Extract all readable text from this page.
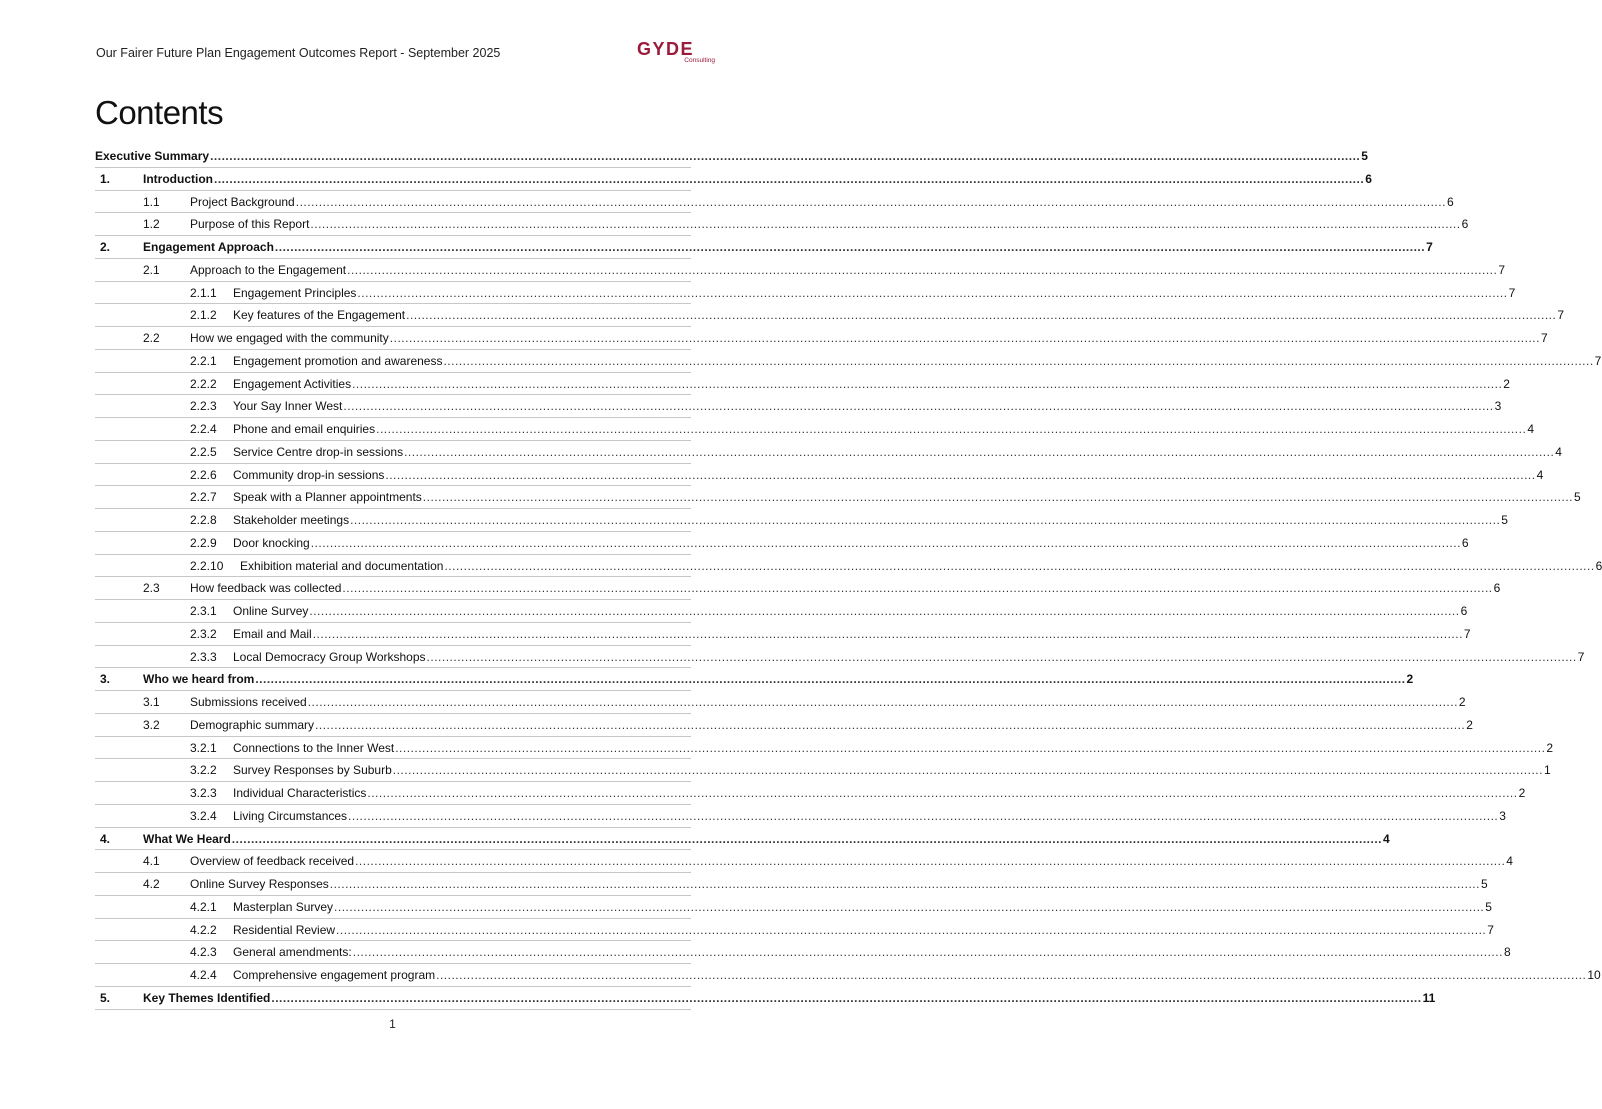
Our Fairer Future Plan Engagement Outcomes Report - September 2025	GYDE
Consulting
Contents
Executive Summary ............................................................................................................................................................................................................................................................................................................ 5
1.	Introduction ............................................................................................................................................................................................................................................................................................................ 6
1.1	Project Background ............................................................................................................................................................................................................................................................................................................ 6
1.2	Purpose of this Report ............................................................................................................................................................................................................................................................................................................ 6
2.	Engagement Approach ............................................................................................................................................................................................................................................................................................................ 7
2.1	Approach to the Engagement ............................................................................................................................................................................................................................................................................................................ 7
2.1.1 Engagement Principles ............................................................................................................................................................................................................................................................................................................ 7
2.1.2 Key features of the Engagement ............................................................................................................................................................................................................................................................................................................ 7
2.2	How we engaged with the community ............................................................................................................................................................................................................................................................................................................ 7
2.2.1 Engagement promotion and awareness ............................................................................................................................................................................................................................................................................................................ 7
2.2.2 Engagement Activities ............................................................................................................................................................................................................................................................................................................ 2
2.2.3 Your Say Inner West ............................................................................................................................................................................................................................................................................................................ 3
2.2.4 Phone and email enquiries ............................................................................................................................................................................................................................................................................................................ 4
2.2.5 Service Centre drop-in sessions ............................................................................................................................................................................................................................................................................................................ 4
2.2.6 Community drop-in sessions ............................................................................................................................................................................................................................................................................................................ 4
2.2.7 Speak with a Planner appointments ............................................................................................................................................................................................................................................................................................................ 5
2.2.8 Stakeholder meetings ............................................................................................................................................................................................................................................................................................................ 5
2.2.9 Door knocking ............................................................................................................................................................................................................................................................................................................ 6
2.2.10 Exhibition material and documentation ............................................................................................................................................................................................................................................................................................................ 6
2.3	How feedback was collected ............................................................................................................................................................................................................................................................................................................ 6
2.3.1 Online Survey ............................................................................................................................................................................................................................................................................................................ 6
2.3.2 Email and Mail ............................................................................................................................................................................................................................................................................................................ 7
2.3.3 Local Democracy Group Workshops ............................................................................................................................................................................................................................................................................................................ 7
3.	Who we heard from ............................................................................................................................................................................................................................................................................................................ 2
3.1	Submissions received ............................................................................................................................................................................................................................................................................................................ 2
3.2	Demographic summary ............................................................................................................................................................................................................................................................................................................ 2
3.2.1 Connections to the Inner West ............................................................................................................................................................................................................................................................................................................ 2
3.2.2 Survey Responses by Suburb ............................................................................................................................................................................................................................................................................................................ 1
3.2.3 Individual Characteristics ............................................................................................................................................................................................................................................................................................................ 2
3.2.4 Living Circumstances ............................................................................................................................................................................................................................................................................................................ 3
4.	What We Heard ............................................................................................................................................................................................................................................................................................................ 4
4.1	Overview of feedback received ............................................................................................................................................................................................................................................................................................................ 4
4.2	Online Survey Responses ............................................................................................................................................................................................................................................................................................................ 5
4.2.1 Masterplan Survey ............................................................................................................................................................................................................................................................................................................ 5
4.2.2 Residential Review ............................................................................................................................................................................................................................................................................................................ 7
4.2.3 General amendments: ............................................................................................................................................................................................................................................................................................................ 8
4.2.4 Comprehensive engagement program ............................................................................................................................................................................................................................................................................................................ 10
5.	Key Themes Identified ............................................................................................................................................................................................................................................................................................................ 11
1
